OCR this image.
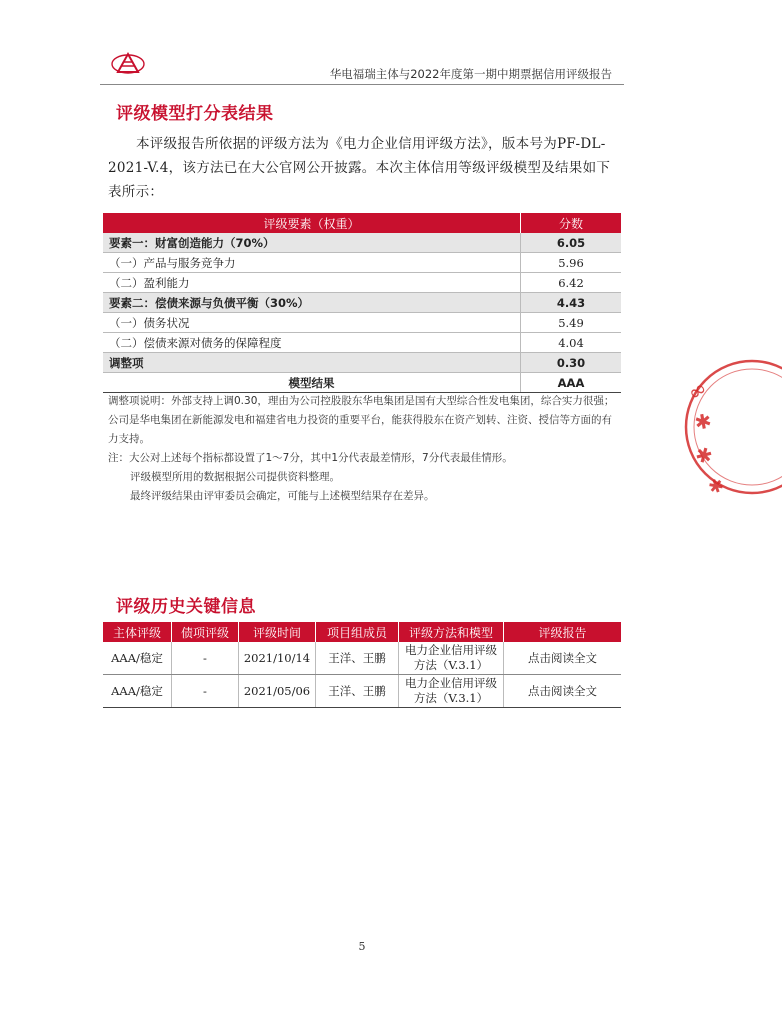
华电福瑞主体与2022年度第一期中期票据信用评级报告
评级模型打分表结果
本评级报告所依据的评级方法为《电力企业信用评级方法》，版本号为PF-DL-2021-V.4，该方法已在大公官网公开披露。本次主体信用等级评级模型及结果如下表所示：
评级要素（权重）	分数
要素一：财富创造能力（70%）	6.05
（一）产品与服务竞争力	5.96
（二）盈利能力	6.42
要素二：偿债来源与负债平衡（30%）	4.43
（一）债务状况	5.49
（二）偿债来源对债务的保障程度	4.04
调整项	0.30
模型结果	AAA

调整项说明：外部支持上调0.30，理由为公司控股股东华电集团是国有大型综合性发电集团，综合实力很强；公司是华电集团在新能源发电和福建省电力投资的重要平台，能获得股东在资产划转、注资、授信等方面的有力支持。

注：大公对上述每个指标都设置了1～7分，其中1分代表最差情形，7分代表最佳情形。

评级模型所用的数据根据公司提供资料整理。

最终评级结果由评审委员会确定，可能与上述模型结果存在差异。

评级历史关键信息
主体评级	债项评级	评级时间	项目组成员	评级方法和模型	评级报告
AAA/稳定	-	2021/10/14	王洋、王鹏	电力企业信用评级方法（V.3.1）	点击阅读全文
AAA/稳定	-	2021/05/06	王洋、王鹏	电力企业信用评级方法（V.3.1）	点击阅读全文
∞
✱
✱
✱
5
